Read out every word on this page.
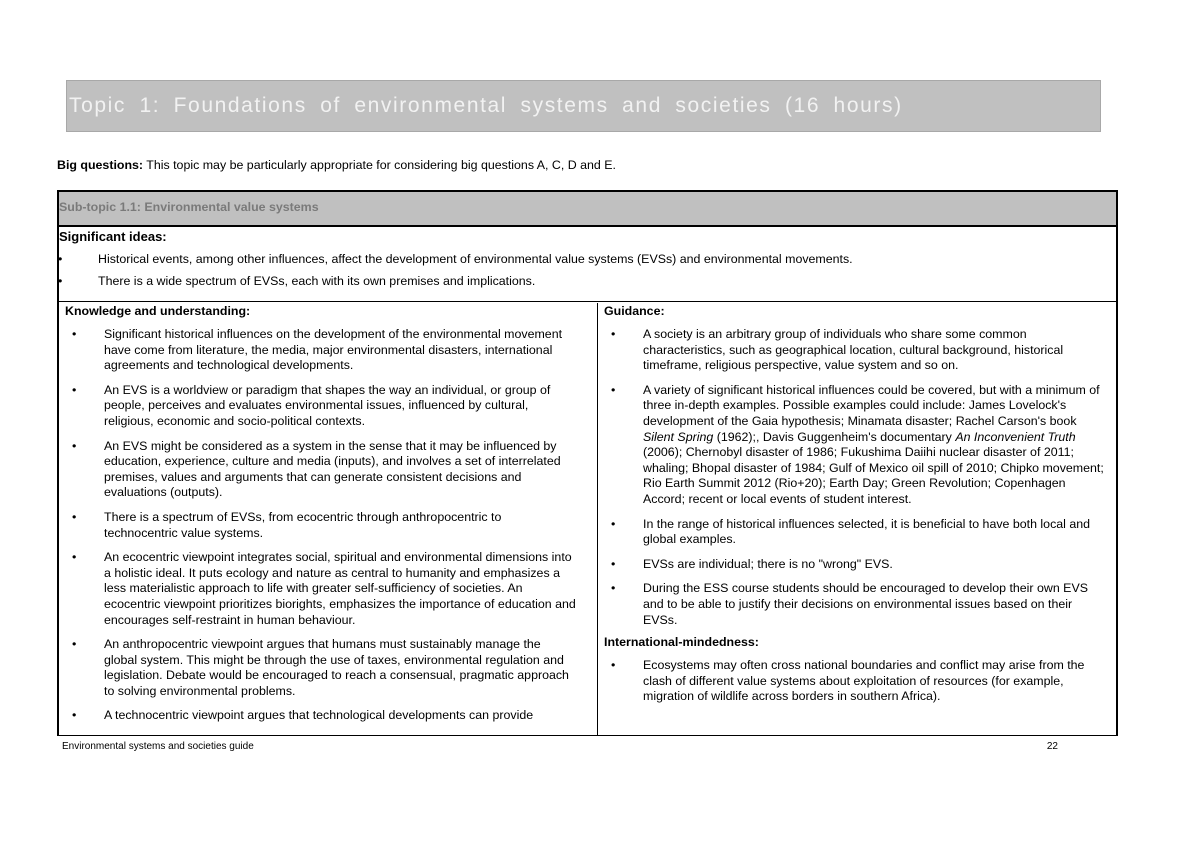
Topic 1: Foundations of environmental systems and societies (16 hours)
Big questions: This topic may be particularly appropriate for considering big questions A, C, D and E.
Sub-topic 1.1: Environmental value systems
Significant ideas:
• Historical events, among other influences, affect the development of environmental value systems (EVSs) and environmental movements.
• There is a wide spectrum of EVSs, each with its own premises and implications.
Knowledge and understanding:
• Significant historical influences on the development of the environmental movement have come from literature, the media, major environmental disasters, international agreements and technological developments.
• An EVS is a worldview or paradigm that shapes the way an individual, or group of people, perceives and evaluates environmental issues, influenced by cultural, religious, economic and socio-political contexts.
• An EVS might be considered as a system in the sense that it may be influenced by education, experience, culture and media (inputs), and involves a set of interrelated premises, values and arguments that can generate consistent decisions and evaluations (outputs).
• There is a spectrum of EVSs, from ecocentric through anthropocentric to technocentric value systems.
• An ecocentric viewpoint integrates social, spiritual and environmental dimensions into a holistic ideal. It puts ecology and nature as central to humanity and emphasizes a less materialistic approach to life with greater self-sufficiency of societies. An ecocentric viewpoint prioritizes biorights, emphasizes the importance of education and encourages self-restraint in human behaviour.
• An anthropocentric viewpoint argues that humans must sustainably manage the global system. This might be through the use of taxes, environmental regulation and legislation. Debate would be encouraged to reach a consensual, pragmatic approach to solving environmental problems.
• A technocentric viewpoint argues that technological developments can provide
Guidance:
• A society is an arbitrary group of individuals who share some common characteristics, such as geographical location, cultural background, historical timeframe, religious perspective, value system and so on.
• A variety of significant historical influences could be covered, but with a minimum of three in-depth examples. Possible examples could include: James Lovelock's development of the Gaia hypothesis; Minamata disaster; Rachel Carson's book Silent Spring (1962);, Davis Guggenheim's documentary An Inconvenient Truth (2006); Chernobyl disaster of 1986; Fukushima Daiihi nuclear disaster of 2011; whaling; Bhopal disaster of 1984; Gulf of Mexico oil spill of 2010; Chipko movement; Rio Earth Summit 2012 (Rio+20); Earth Day; Green Revolution; Copenhagen Accord; recent or local events of student interest.
• In the range of historical influences selected, it is beneficial to have both local and global examples.
• EVSs are individual; there is no "wrong" EVS.
• During the ESS course students should be encouraged to develop their own EVS and to be able to justify their decisions on environmental issues based on their EVSs.
International-mindedness:
• Ecosystems may often cross national boundaries and conflict may arise from the clash of different value systems about exploitation of resources (for example, migration of wildlife across borders in southern Africa).
Environmental systems and societies guide	22
